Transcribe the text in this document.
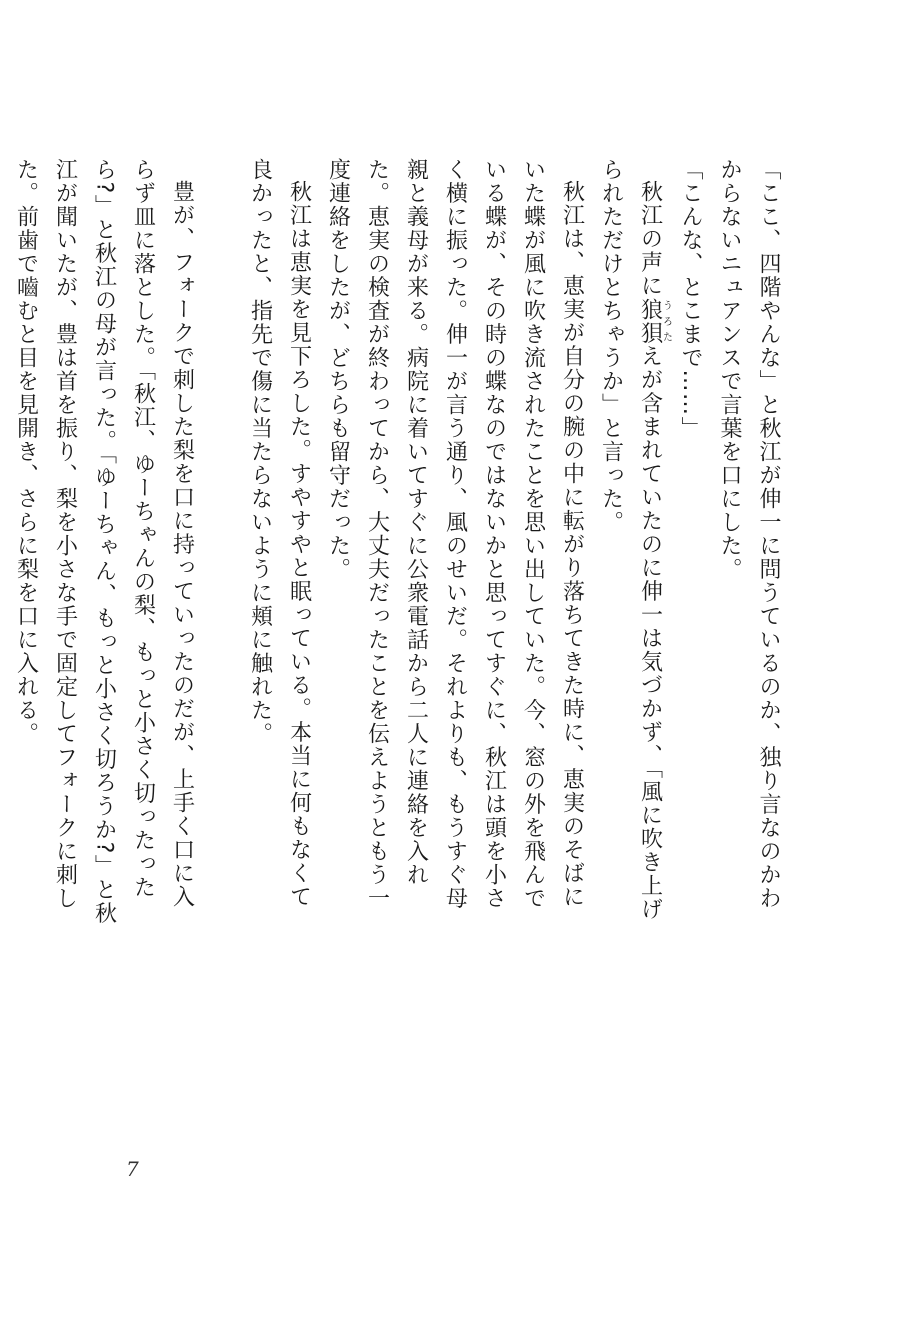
「ここ、四階やんな」と秋江が伸一に問うているのか、独り言なのかわからないニュアンスで言葉を口にした。

「こんな、とこまで……」

秋江の声に狼狽うろたえが含まれていたのに伸一は気づかず、「風に吹き上げられただけとちゃうか」と言った。

秋江は、恵実が自分の腕の中に転がり落ちてきた時に、恵実のそばにいた蝶が風に吹き流されたことを思い出していた。今、窓の外を飛んでいる蝶が、その時の蝶なのではないかと思ってすぐに、秋江は頭を小さく横に振った。伸一が言う通り、風のせいだ。それよりも、もうすぐ母親と義母が来る。病院に着いてすぐに公衆電話から二人に連絡を入れた。恵実の検査が終わってから、大丈夫だったことを伝えようともう一度連絡をしたが、どちらも留守だった。

秋江は恵実を見下ろした。すやすやと眠っている。本当に何もなくて良かったと、指先で傷に当たらないように頬に触れた。

豊が、フォークで刺した梨を口に持っていったのだが、上手く口に入らず皿に落とした。「秋江、ゆーちゃんの梨、もっと小さく切ったったら?」と秋江の母が言った。「ゆーちゃん、もっと小さく切ろうか?」と秋江が聞いたが、豊は首を振り、梨を小さな手で固定してフォークに刺した。前歯で嚙むと目を見開き、さらに梨を口に入れる。

7
